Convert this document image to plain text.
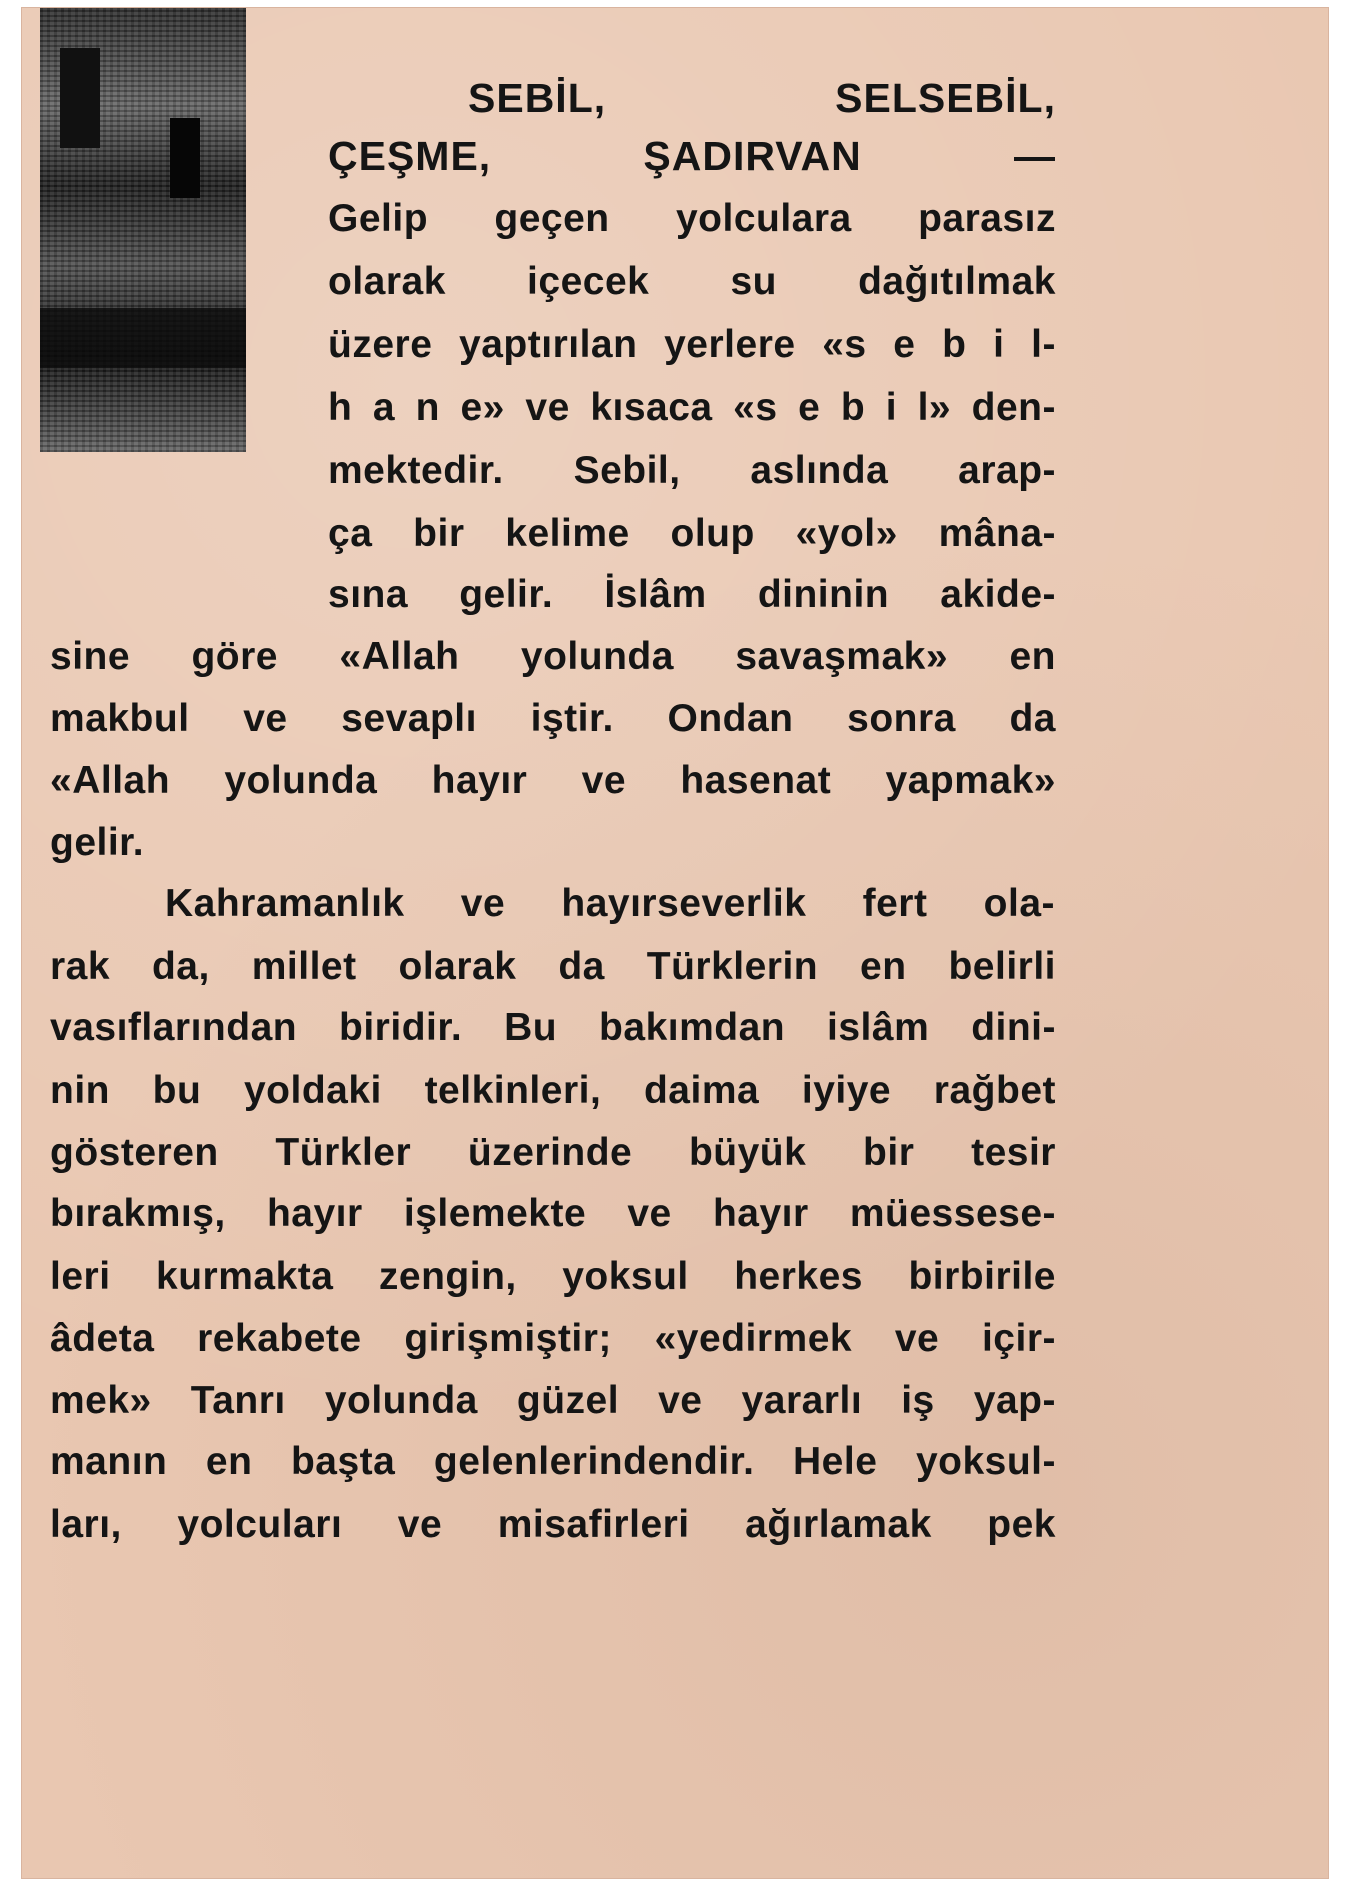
SEBİL, SELSEBİL,
ÇEŞME, ŞADIRVAN —
Gelip geçen yolculara parasız
olarak içecek su dağıtılmak
üzere yaptırılan yerlere «s e b i l-
h a n e» ve kısaca «s e b i l» den-
mektedir. Sebil, aslında arap-
ça bir kelime olup «yol» mâna-
sına gelir. İslâm dininin akide-
sine göre «Allah yolunda savaşmak» en
makbul ve sevaplı iştir. Ondan sonra da
«Allah yolunda hayır ve hasenat yapmak»
gelir.
Kahramanlık ve hayırseverlik fert ola-
rak da, millet olarak da Türklerin en belirli
vasıflarından biridir. Bu bakımdan islâm dini-
nin bu yoldaki telkinleri, daima iyiye rağbet
gösteren Türkler üzerinde büyük bir tesir
bırakmış, hayır işlemekte ve hayır müessese-
leri kurmakta zengin, yoksul herkes birbirile
âdeta rekabete girişmiştir; «yedirmek ve içir-
mek» Tanrı yolunda güzel ve yararlı iş yap-
manın en başta gelenlerindendir. Hele yoksul-
ları, yolcuları ve misafirleri ağırlamak pek
